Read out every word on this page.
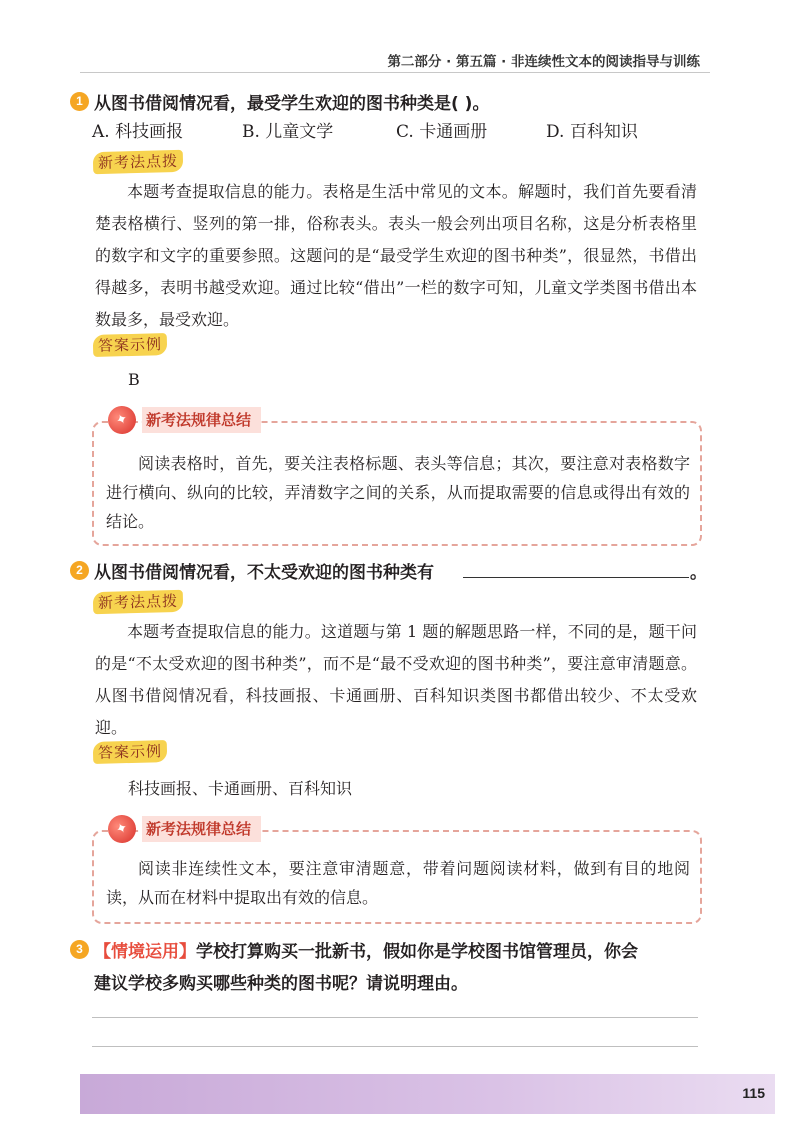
第二部分 · 第五篇 · 非连续性文本的阅读指导与训练
1 从图书借阅情况看，最受学生欢迎的图书种类是( )。
A. 科技画报	B. 儿童文学	C. 卡通画册	D. 百科知识
新考法点拨
本题考查提取信息的能力。表格是生活中常见的文本。解题时，我们首先要看清楚表格横行、竖列的第一排，俗称表头。表头一般会列出项目名称，这是分析表格里的数字和文字的重要参照。这题问的是“最受学生欢迎的图书种类”，很显然，书借出得越多，表明书越受欢迎。通过比较“借出”一栏的数字可知，儿童文学类图书借出本数最多，最受欢迎。
答案示例
B
阅读表格时，首先，要关注表格标题、表头等信息；其次，要注意对表格数字进行横向、纵向的比较，弄清数字之间的关系，从而提取需要的信息或得出有效的结论。
✦	新考法规律总结
2 从图书借阅情况看，不太受欢迎的图书种类有	。
新考法点拨
本题考查提取信息的能力。这道题与第 1 题的解题思路一样，不同的是，题干问的是“不太受欢迎的图书种类”，而不是“最不受欢迎的图书种类”，要注意审清题意。从图书借阅情况看，科技画报、卡通画册、百科知识类图书都借出较少、不太受欢迎。
答案示例
科技画报、卡通画册、百科知识
阅读非连续性文本，要注意审清题意，带着问题阅读材料，做到有目的地阅读，从而在材料中提取出有效的信息。
✦	新考法规律总结
3 【情境运用】学校打算购买一批新书，假如你是学校图书馆管理员，你会
建议学校多购买哪些种类的图书呢？请说明理由。
115
